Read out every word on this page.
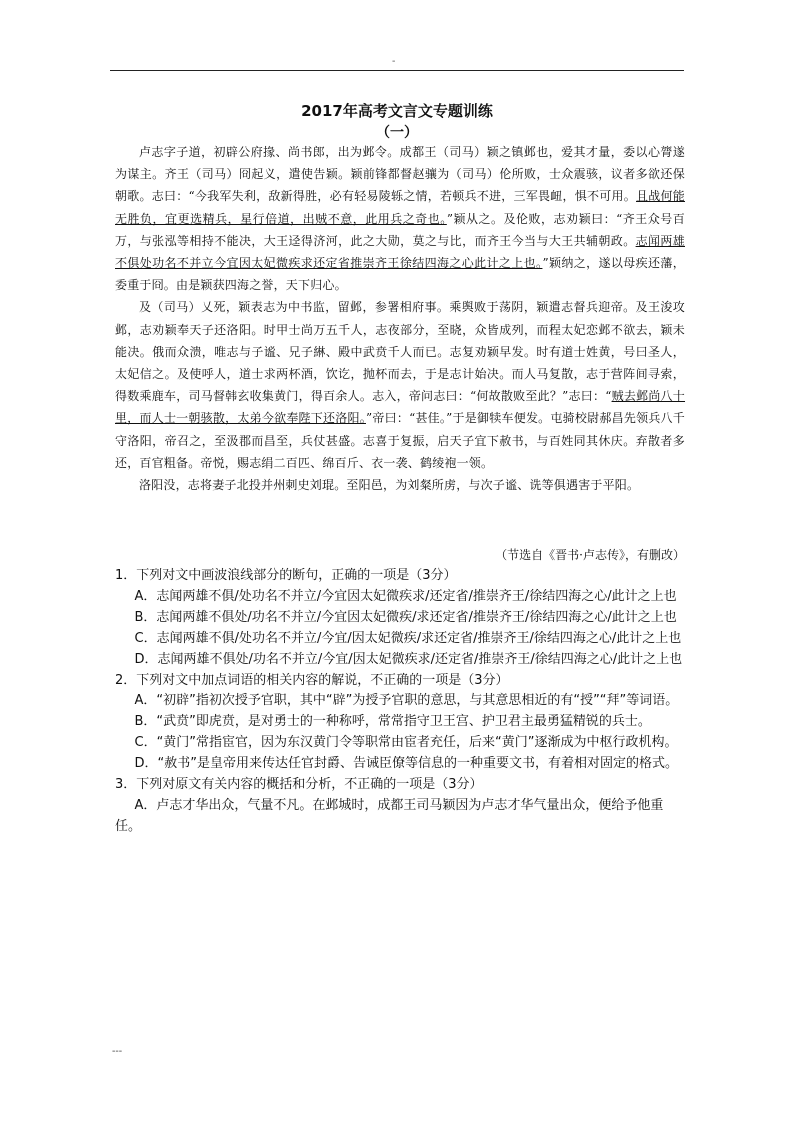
-
2017年高考文言文专题训练
（一）

卢志字子道，初辟公府掾、尚书郎，出为邺令。成都王（司马）颖之镇邺也，爱其才量，委以心膂遂为谋主。齐王（司马）冏起义，遣使告颖。颖前锋都督赵骧为（司马）伦所败，士众震骇，议者多欲还保朝歌。志曰：“今我军失利，敌新得胜，必有轻易陵轹之情，若顿兵不进，三军畏衄，惧不可用。且战何能无胜负，宜更选精兵，星行倍道，出贼不意，此用兵之奇也。”颖从之。及伦败，志劝颖曰：“齐王众号百万，与张泓等相持不能决，大王迳得济河，此之大勋，莫之与比，而齐王今当与大王共辅朝政。志闻两雄不俱处功名不并立今宜因太妃微疾求还定省推崇齐王徐结四海之心此计之上也。”颖纳之，遂以母疾还藩，委重于冏。由是颖获四海之誉，天下归心。

及（司马）乂死，颖表志为中书监，留邺，参署相府事。乘舆败于荡阴，颖遣志督兵迎帝。及王浚攻邺，志劝颖奉天子还洛阳。时甲士尚万五千人，志夜部分，至晓，众皆成列，而程太妃恋邺不欲去，颖未能决。俄而众溃，唯志与子谧、兄子綝、殿中武贲千人而已。志复劝颖早发。时有道士姓黄，号曰圣人，太妃信之。及使呼人，道士求两杯酒，饮讫，抛杯而去，于是志计始决。而人马复散，志于营阵间寻索，得数乘鹿车，司马督韩玄收集黄门，得百余人。志入，帝问志曰：“何故散败至此？”志曰：“贼去邺尚八十里，而人士一朝骇散，太弟今欲奉陛下还洛阳。”帝曰：“甚佳。”于是御犊车便发。屯骑校尉郝昌先领兵八千守洛阳，帝召之，至汲郡而昌至，兵仗甚盛。志喜于复振，启天子宜下赦书，与百姓同其休庆。弃散者多还，百官粗备。帝悦，赐志绢二百匹、绵百斤、衣一袭、鹤绫袍一领。

洛阳没，志将妻子北投并州刺史刘琨。至阳邑，为刘粲所虏，与次子谧、诜等俱遇害于平阳。

（节选自《晋书·卢志传》，有删改）

1．下列对文中画波浪线部分的断句，正确的一项是（3分）

A．志闻两雄不俱/处功名不并立/今宜因太妃微疾求/还定省/推崇齐王/徐结四海之心/此计之上也

B．志闻两雄不俱处/功名不并立/今宜因太妃微疾/求还定省/推崇齐王/徐结四海之心/此计之上也

C．志闻两雄不俱/处功名不并立/今宜/因太妃微疾/求还定省/推崇齐王/徐结四海之心/此计之上也

D．志闻两雄不俱处/功名不并立/今宜/因太妃微疾求/还定省/推崇齐王/徐结四海之心/此计之上也

2．下列对文中加点词语的相关内容的解说，不正确的一项是（3分）

A．“初辟”指初次授予官职，其中“辟”为授予官职的意思，与其意思相近的有“授”“拜”等词语。

B．“武贲”即虎贲，是对勇士的一种称呼，常常指守卫王宫、护卫君主最勇猛精锐的兵士。

C．“黄门”常指宦官，因为东汉黄门令等职常由宦者充任，后来“黄门”逐渐成为中枢行政机构。

D．“赦书”是皇帝用来传达任官封爵、告诫臣僚等信息的一种重要文书，有着相对固定的格式。

3．下列对原文有关内容的概括和分析，不正确的一项是（3分）

A．卢志才华出众，气量不凡。在邺城时，成都王司马颖因为卢志才华气量出众，便给予他重任。

---
